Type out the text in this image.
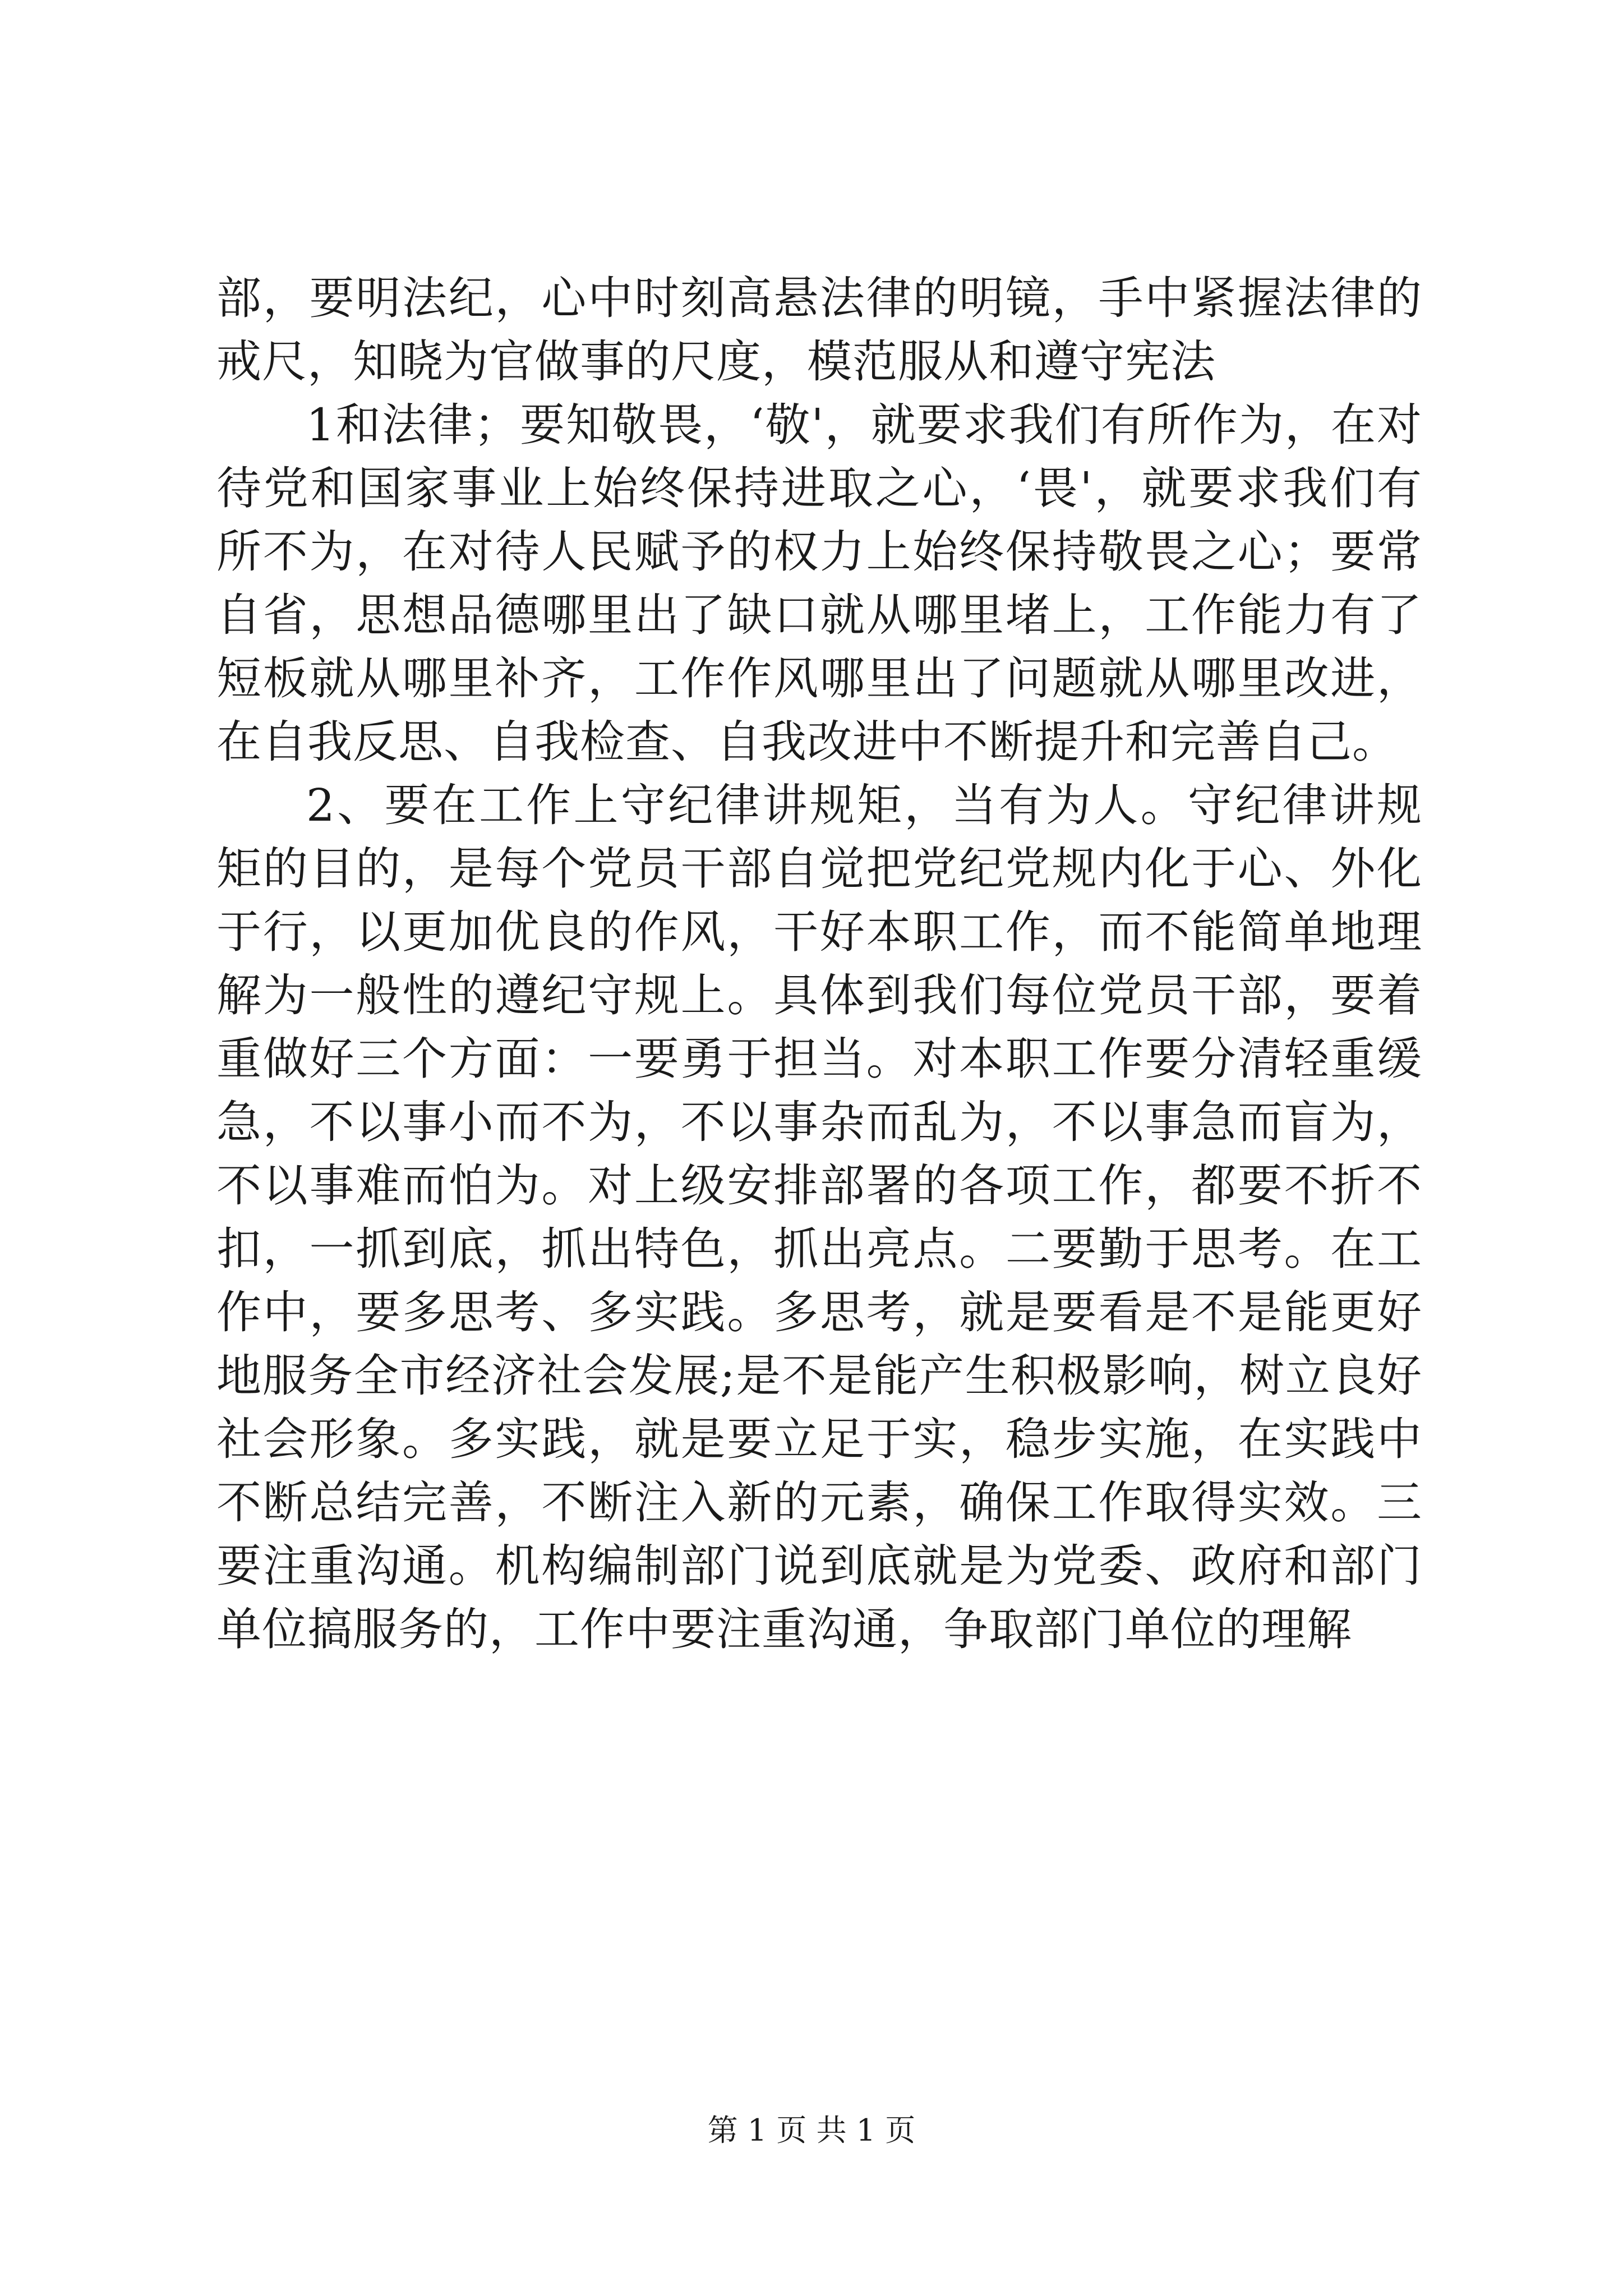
部，要明法纪，心中时刻高悬法律的明镜，手中紧握法律的戒尺，知晓为官做事的尺度，模范服从和遵守宪法

1和法律；要知敬畏，‘敬'，就要求我们有所作为，在对待党和国家事业上始终保持进取之心，‘畏'，就要求我们有所不为，在对待人民赋予的权力上始终保持敬畏之心；要常自省，思想品德哪里出了缺口就从哪里堵上，工作能力有了短板就从哪里补齐，工作作风哪里出了问题就从哪里改进，在自我反思、自我检查、自我改进中不断提升和完善自己。

2、要在工作上守纪律讲规矩，当有为人。守纪律讲规矩的目的，是每个党员干部自觉把党纪党规内化于心、外化于行，以更加优良的作风，干好本职工作，而不能简单地理解为一般性的遵纪守规上。具体到我们每位党员干部，要着重做好三个方面：一要勇于担当。对本职工作要分清轻重缓急，不以事小而不为，不以事杂而乱为，不以事急而盲为，不以事难而怕为。对上级安排部署的各项工作，都要不折不扣，一抓到底，抓出特色，抓出亮点。二要勤于思考。在工作中，要多思考、多实践。多思考，就是要看是不是能更好地服务全市经济社会发展;是不是能产生积极影响，树立良好社会形象。多实践，就是要立足于实，稳步实施，在实践中不断总结完善，不断注入新的元素，确保工作取得实效。三要注重沟通。机构编制部门说到底就是为党委、政府和部门单位搞服务的，工作中要注重沟通，争取部门单位的理解

第 1 页 共 1 页
